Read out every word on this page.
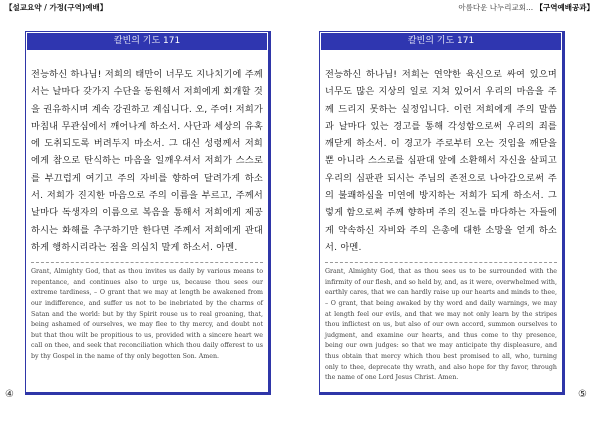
【설교요약 / 가정(구역)예배】	아름다운 나누리교회... 【구역예배공과】
칼빈의 기도 171
전능하신 하나님! 저희의 태만이 너무도 지나치기에 주께서는 날마다 갖가지 수단을 동원해서 저희에게 회개할 것을 권유하시며 계속 강권하고 계십니다. 오, 주여! 저희가 마침내 무관심에서 깨어나게 하소서. 사단과 세상의 유혹에 도취되도록 버려두지 마소서. 그 대신 성령께서 저희에게 참으로 탄식하는 마음을 일깨우셔서 저희가 스스로를 부끄럽게 여기고 주의 자비를 향하여 달려가게 하소서. 저희가 진지한 마음으로 주의 이름을 부르고, 주께서 날마다 독생자의 이름으로 복음을 통해서 저희에게 제공하시는 화해를 추구하기만 한다면 주께서 저희에게 관대하게 행하시리라는 점을 의심치 말게 하소서. 아멘.
Grant, Almighty God, that as thou invites us daily by various means to repentance, and continues also to urge us, because thou sees our extreme tardiness, – O grant that we may at length be awakened from our indifference, and suffer us not to be inebriated by the charms of Satan and the world: but by thy Spirit rouse us to real groaning, that, being ashamed of ourselves, we may flee to thy mercy, and doubt not but that thou wilt be propitious to us, provided with a sincere heart we call on thee, and seek that reconciliation which thou daily offerest to us by thy Gospel in the name of thy only begotten Son. Amen.
칼빈의 기도 171
전능하신 하나님! 저희는 연약한 육신으로 싸여 있으며 너무도 많은 지상의 일로 지쳐 있어서 우리의 마음을 주께 드리지 못하는 실정입니다. 이런 저희에게 주의 말씀과 날마다 있는 경고를 통해 각성함으로써 우리의 죄를 깨닫게 하소서. 이 경고가 주로부터 오는 것임을 깨닫을 뿐 아니라 스스로를 심판대 앞에 소환해서 자신을 살피고 우리의 심판관 되시는 주님의 존전으로 나아감으로써 주의 불쾌하심을 미연에 방지하는 저희가 되게 하소서. 그렇게 함으로써 주께 향하며 주의 진노를 마다하는 자들에게 약속하신 자비와 주의 은총에 대한 소망을 얻게 하소서. 아멘.
Grant, Almighty God, that as thou sees us to be surrounded with the infirmity of our flesh, and so held by, and, as it were, overwhelmed with, earthly cares, that we can hardly raise up our hearts and minds to thee, – O grant, that being awaked by thy word and daily warnings, we may at length feel our evils, and that we may not only learn by the stripes thou inflictest on us, but also of our own accord, summon ourselves to judgment, and examine our hearts, and thus come to thy presence, being our own judges: so that we may anticipate thy displeasure, and thus obtain that mercy which thou best promised to all, who, turning only to thee, deprecate thy wrath, and also hope for thy favor, through the name of one Lord Jesus Christ. Amen.
④	⑤
